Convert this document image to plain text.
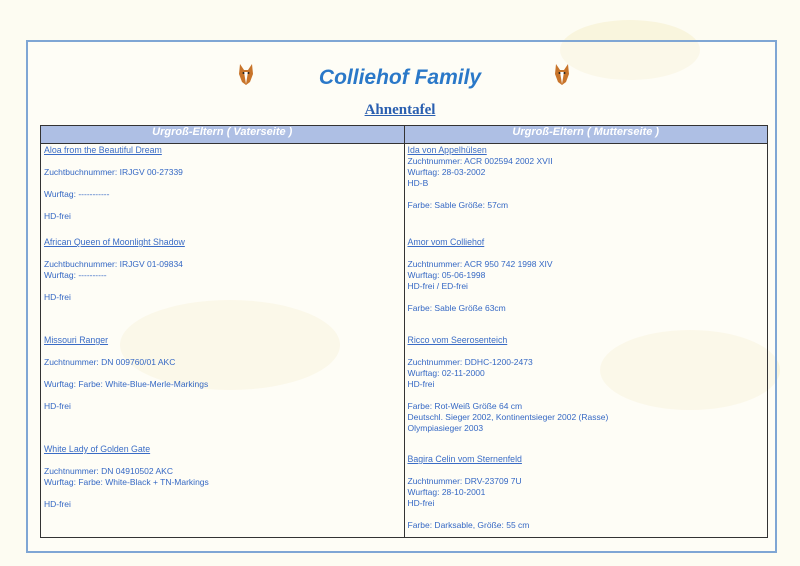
Colliehof Family
Ahnentafel
Urgroß-Eltern ( Vaterseite )
Aloa from the Beautiful Dream
Zuchtbuchnummer: IRJGV 00-27339
Wurftag: -----------
HD-frei
African Queen of Moonlight Shadow
Zuchtbuchnummer: IRJGV 01-09834
Wurftag: ----------
HD-frei
Missouri Ranger
Zuchtnummer: DN 009760/01 AKC
Wurftag: Farbe: White-Blue-Merle-Markings
HD-frei
White Lady of Golden Gate
Zuchtnummer: DN 04910502 AKC
Wurftag: Farbe: White-Black + TN-Markings
HD-frei
Urgroß-Eltern ( Mutterseite )
Ida von Appelhülsen
Zuchtnummer: ACR 002594 2002 XVII
Wurftag: 28-03-2002
HD-B
Farbe: Sable Größe: 57cm
Amor vom Colliehof
Zuchtnummer: ACR 950 742 1998 XIV
Wurftag: 05-06-1998
HD-frei / ED-frei
Farbe: Sable Größe 63cm
Ricco vom Seerosenteich
Zuchtnummer: DDHC-1200-2473
Wurftag: 02-11-2000
HD-frei
Farbe: Rot-Weiß Größe 64 cm
Deutschl. Sieger 2002, Kontinentsieger 2002 (Rasse)
Olympiasieger 2003
Bagira Celin vom Sternenfeld
Zuchtnummer: DRV-23709 7U
Wurftag: 28-10-2001
HD-frei
Farbe: Darksable, Größe: 55 cm
